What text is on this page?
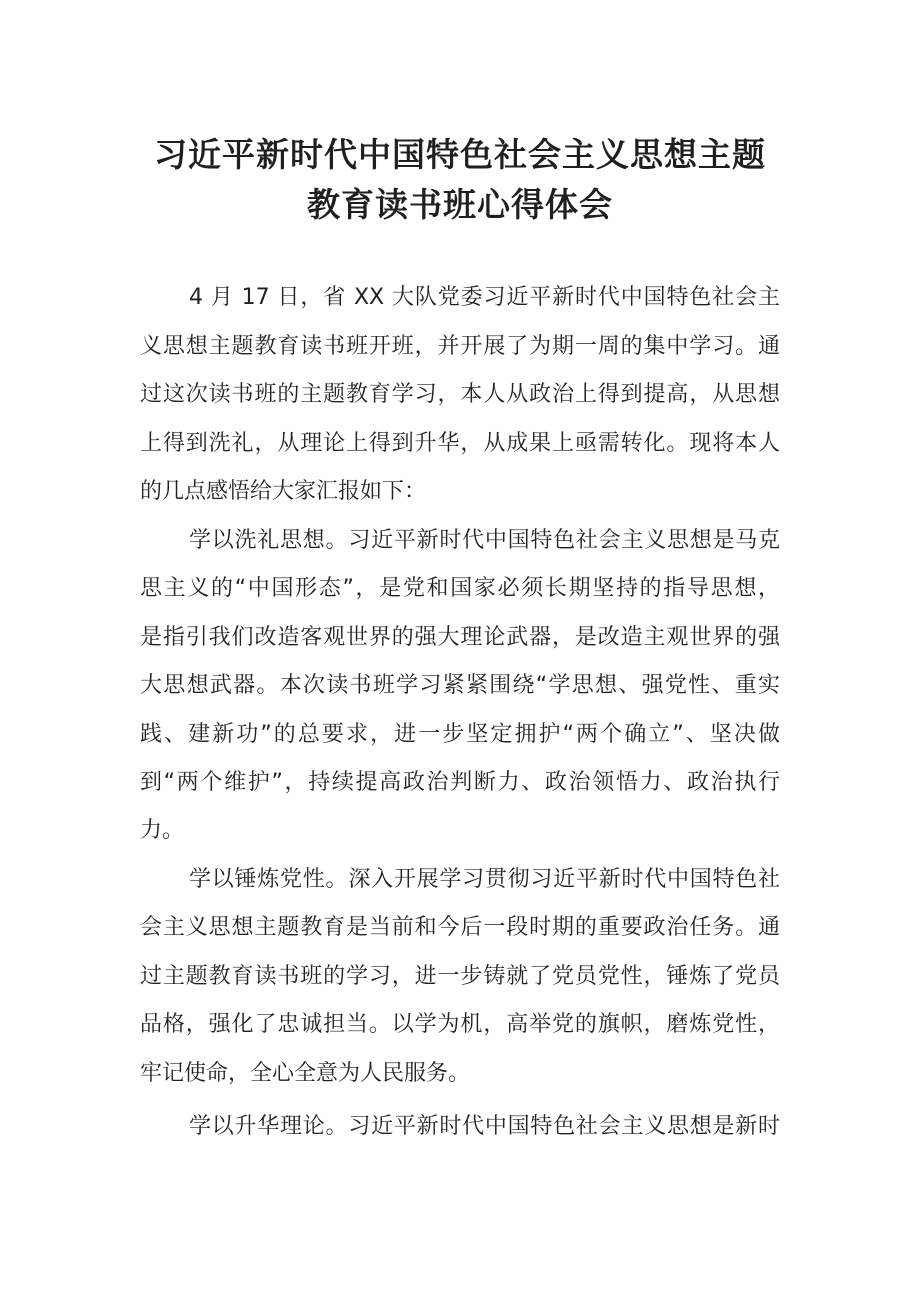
习近平新时代中国特色社会主义思想主题
教育读书班心得体会
4 月 17 日，省 XX 大队党委习近平新时代中国特色社会主
义思想主题教育读书班开班，并开展了为期一周的集中学习。通
过这次读书班的主题教育学习，本人从政治上得到提高，从思想
上得到洗礼，从理论上得到升华，从成果上亟需转化。现将本人
的几点感悟给大家汇报如下：
学以洗礼思想。习近平新时代中国特色社会主义思想是马克
思主义的“中国形态”，是党和国家必须长期坚持的指导思想，
是指引我们改造客观世界的强大理论武器，是改造主观世界的强
大思想武器。本次读书班学习紧紧围绕“学思想、强党性、重实
践、建新功”的总要求，进一步坚定拥护“两个确立”、坚决做
到“两个维护”，持续提高政治判断力、政治领悟力、政治执行
力。
学以锤炼党性。深入开展学习贯彻习近平新时代中国特色社
会主义思想主题教育是当前和今后一段时期的重要政治任务。通
过主题教育读书班的学习，进一步铸就了党员党性，锤炼了党员
品格，强化了忠诚担当。以学为机，高举党的旗帜，磨炼党性，
牢记使命，全心全意为人民服务。
学以升华理论。习近平新时代中国特色社会主义思想是新时
